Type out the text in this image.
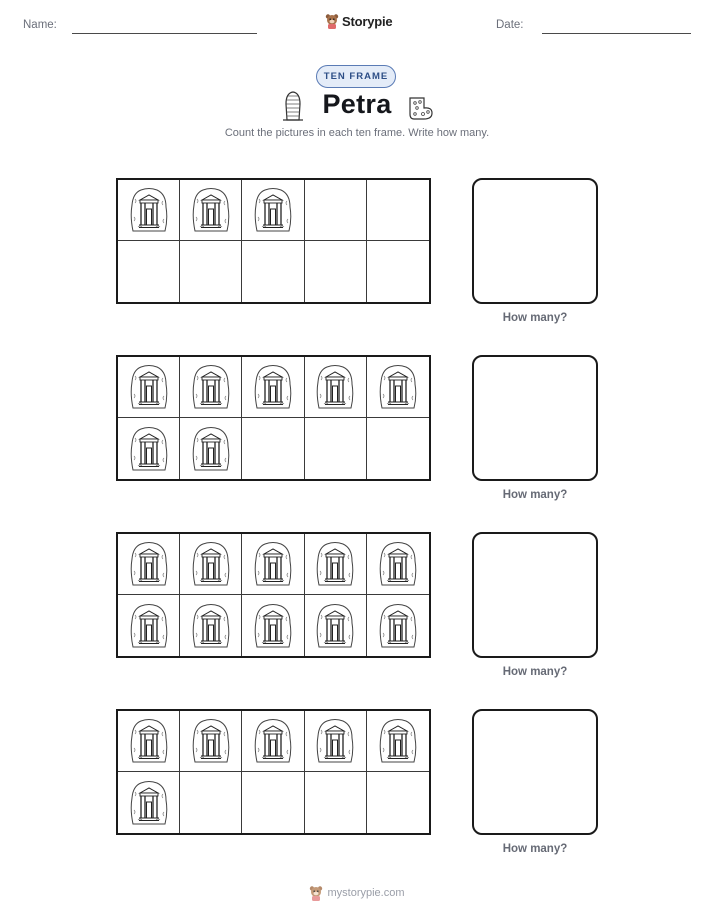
Name:	Storypie	Date:
TEN FRAME
Petra
Count the pictures in each ten frame. Write how many.
How many?
How many?
How many?
How many?
mystorypie.com
